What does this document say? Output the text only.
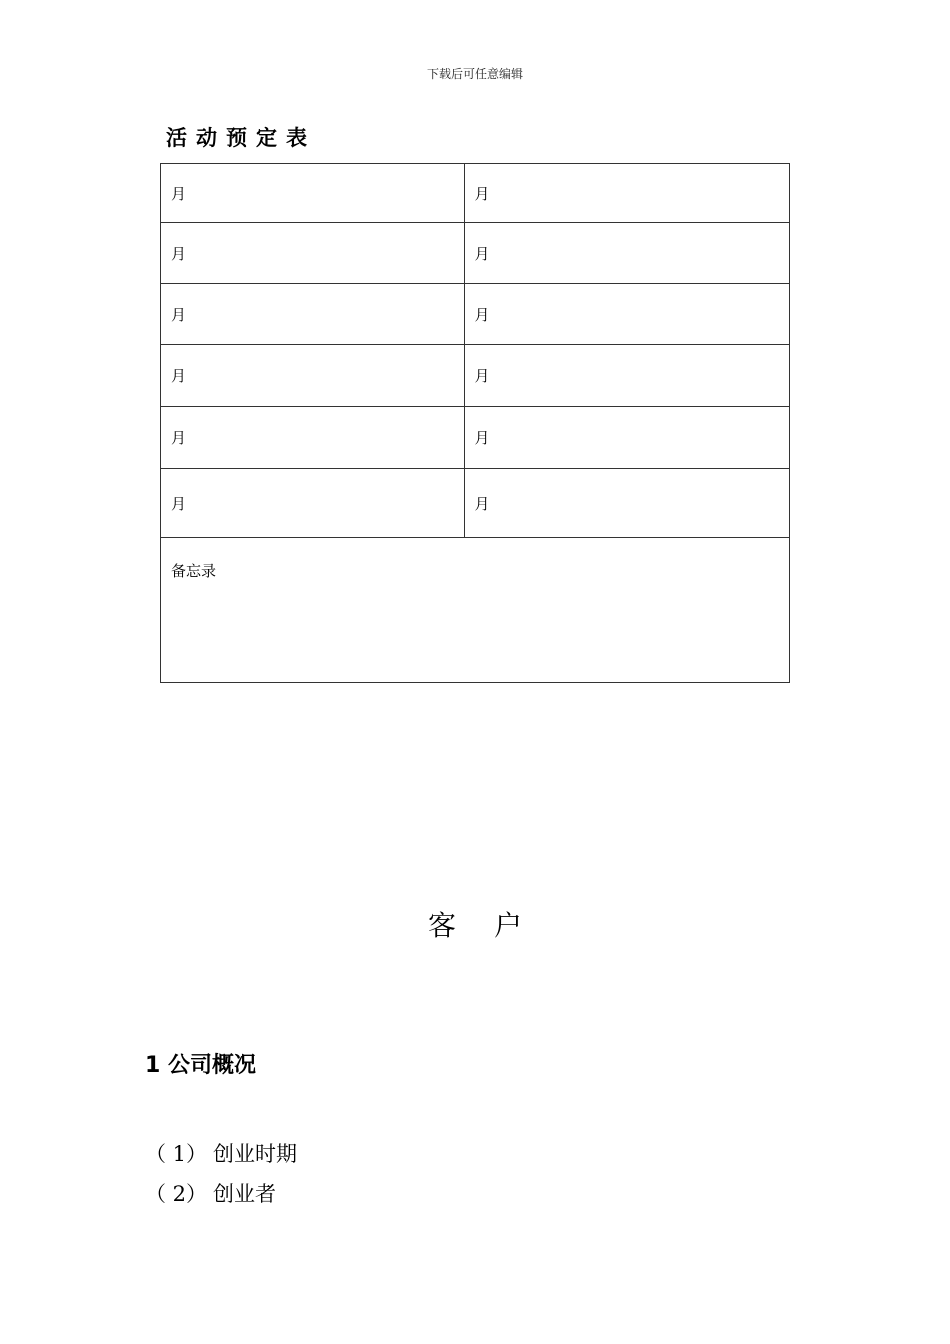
下载后可任意编辑
活动预定表
月	月
月	月
月	月
月	月
月	月
月	月
备忘录	
客 户
1 公司概况
（ 1） 创业时期
（ 2） 创业者
